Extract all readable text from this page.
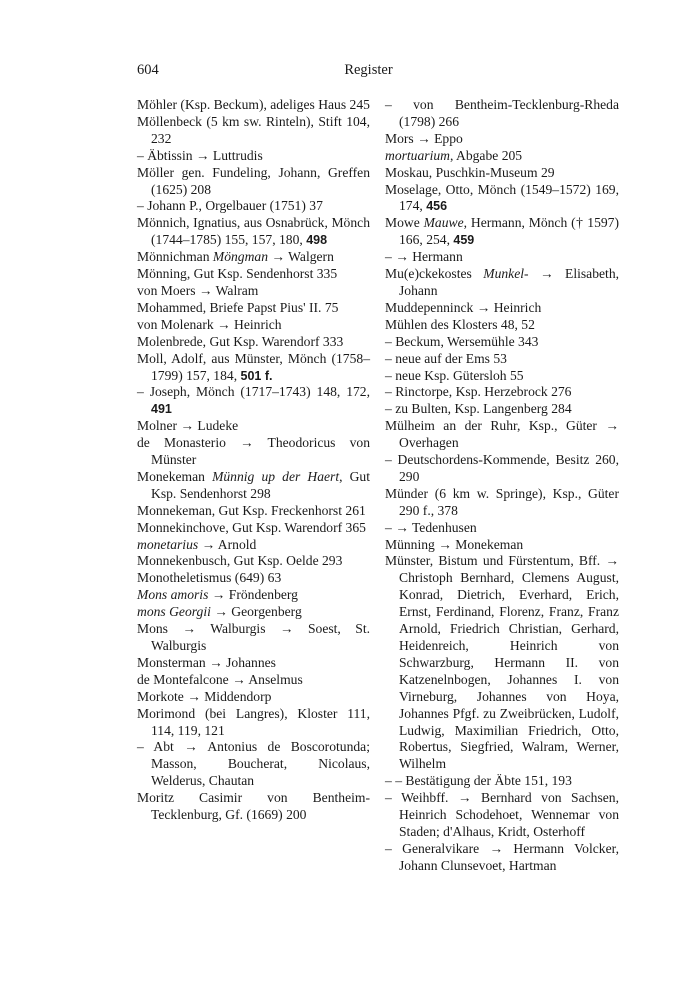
604	Register

Möhler (Ksp. Beckum), adeliges Haus 245

Möllenbeck (5 km sw. Rinteln), Stift 104, 232

– Äbtissin → Luttrudis

Möller gen. Fundeling, Johann, Greffen (1625) 208

– Johann P., Orgelbauer (1751) 37

Mönnich, Ignatius, aus Osnabrück, Mönch (1744–1785) 155, 157, 180, 498

Mönnichman Möngman → Walgern

Mönning, Gut Ksp. Sendenhorst 335

von Moers → Walram

Mohammed, Briefe Papst Pius' II. 75

von Molenark → Heinrich

Molenbrede, Gut Ksp. Warendorf 333

Moll, Adolf, aus Münster, Mönch (1758–1799) 157, 184, 501 f.

– Joseph, Mönch (1717–1743) 148, 172, 491

Molner → Ludeke

de Monasterio → Theodoricus von Münster

Monekeman Münnig up der Haert, Gut Ksp. Sendenhorst 298

Monnekeman, Gut Ksp. Freckenhorst 261

Monnekinchove, Gut Ksp. Warendorf 365

monetarius → Arnold

Monnekenbusch, Gut Ksp. Oelde 293

Monotheletismus (649) 63

Mons amoris → Fröndenberg

mons Georgii → Georgenberg

Mons → Walburgis → Soest, St. Walburgis

Monsterman → Johannes

de Montefalcone → Anselmus

Morkote → Middendorp

Morimond (bei Langres), Kloster 111, 114, 119, 121

– Abt → Antonius de Boscorotunda; Masson, Boucherat, Nicolaus, Welderus, Chautan

Moritz Casimir von Bentheim-Tecklenburg, Gf. (1669) 200

– von Bentheim-Tecklenburg-Rheda (1798) 266

Mors → Eppo

mortuarium, Abgabe 205

Moskau, Puschkin-Museum 29

Moselage, Otto, Mönch (1549–1572) 169, 174, 456

Mowe Mauwe, Hermann, Mönch († 1597) 166, 254, 459

– → Hermann

Mu(e)ckekostes Munkel- → Elisabeth, Johann

Muddepenninck → Heinrich

Mühlen des Klosters 48, 52

– Beckum, Wersemühle 343

– neue auf der Ems 53

– neue Ksp. Gütersloh 55

– Rinctorpe, Ksp. Herzebrock 276

– zu Bulten, Ksp. Langenberg 284

Mülheim an der Ruhr, Ksp., Güter → Overhagen

– Deutschordens-Kommende, Besitz 260, 290

Münder (6 km w. Springe), Ksp., Güter 290 f., 378

– → Tedenhusen

Münning → Monekeman

Münster, Bistum und Fürstentum, Bff. → Christoph Bernhard, Clemens August, Konrad, Dietrich, Everhard, Erich, Ernst, Ferdinand, Florenz, Franz, Franz Arnold, Friedrich Christian, Gerhard, Heidenreich, Heinrich von Schwarzburg, Hermann II. von Katzenelnbogen, Johannes I. von Virneburg, Johannes von Hoya, Johannes Pfgf. zu Zweibrücken, Ludolf, Ludwig, Maximilian Friedrich, Otto, Robertus, Siegfried, Walram, Werner, Wilhelm

– – Bestätigung der Äbte 151, 193

– Weihbff. → Bernhard von Sachsen, Heinrich Schodehoet, Wennemar von Staden; d'Alhaus, Kridt, Osterhoff

– Generalvikare → Hermann Volcker, Johann Clunsevoet, Hartman
